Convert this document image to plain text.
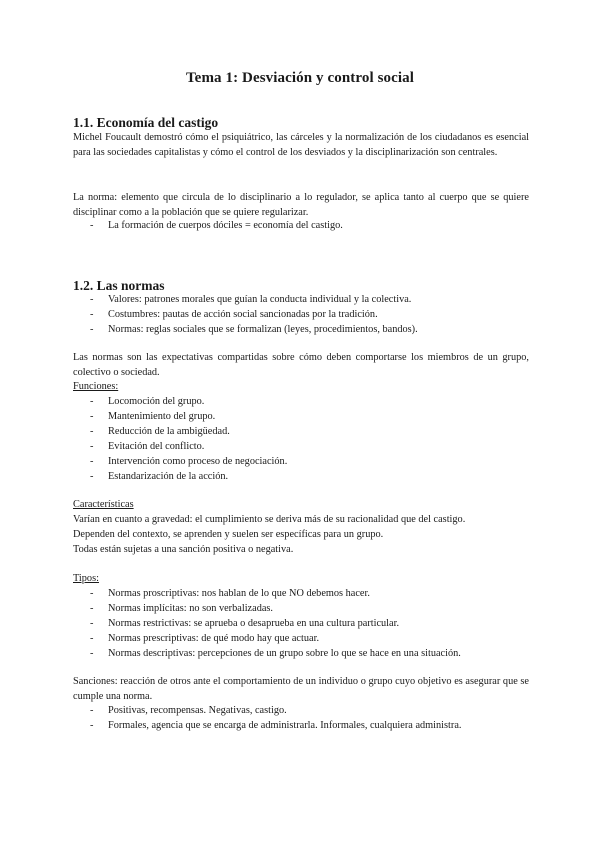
Tema 1: Desviación y control social
1.1. Economía del castigo
Michel Foucault demostró cómo el psiquiátrico, las cárceles y la normalización de los ciudadanos es esencial para las sociedades capitalistas y cómo el control de los desviados y la disciplinarización son centrales.
La norma: elemento que circula de lo disciplinario a lo regulador, se aplica tanto al cuerpo que se quiere disciplinar como a la población que se quiere regularizar.
- La formación de cuerpos dóciles = economía del castigo.
1.2. Las normas
- Valores: patrones morales que guían la conducta individual y la colectiva.
- Costumbres: pautas de acción social sancionadas por la tradición.
- Normas: reglas sociales que se formalizan (leyes, procedimientos, bandos).
Las normas son las expectativas compartidas sobre cómo deben comportarse los miembros de un grupo, colectivo o sociedad.
Funciones:
- Locomoción del grupo.
- Mantenimiento del grupo.
- Reducción de la ambigüedad.
- Evitación del conflicto.
- Intervención como proceso de negociación.
- Estandarización de la acción.
Características
Varían en cuanto a gravedad: el cumplimiento se deriva más de su racionalidad que del castigo.
Dependen del contexto, se aprenden y suelen ser específicas para un grupo.
Todas están sujetas a una sanción positiva o negativa.
Tipos:
- Normas proscriptivas: nos hablan de lo que NO debemos hacer.
- Normas implícitas: no son verbalizadas.
- Normas restrictivas: se aprueba o desaprueba en una cultura particular.
- Normas prescriptivas: de qué modo hay que actuar.
- Normas descriptivas: percepciones de un grupo sobre lo que se hace en una situación.
Sanciones: reacción de otros ante el comportamiento de un individuo o grupo cuyo objetivo es asegurar que se cumple una norma.
- Positivas, recompensas. Negativas, castigo.
- Formales, agencia que se encarga de administrarla. Informales, cualquiera administra.
